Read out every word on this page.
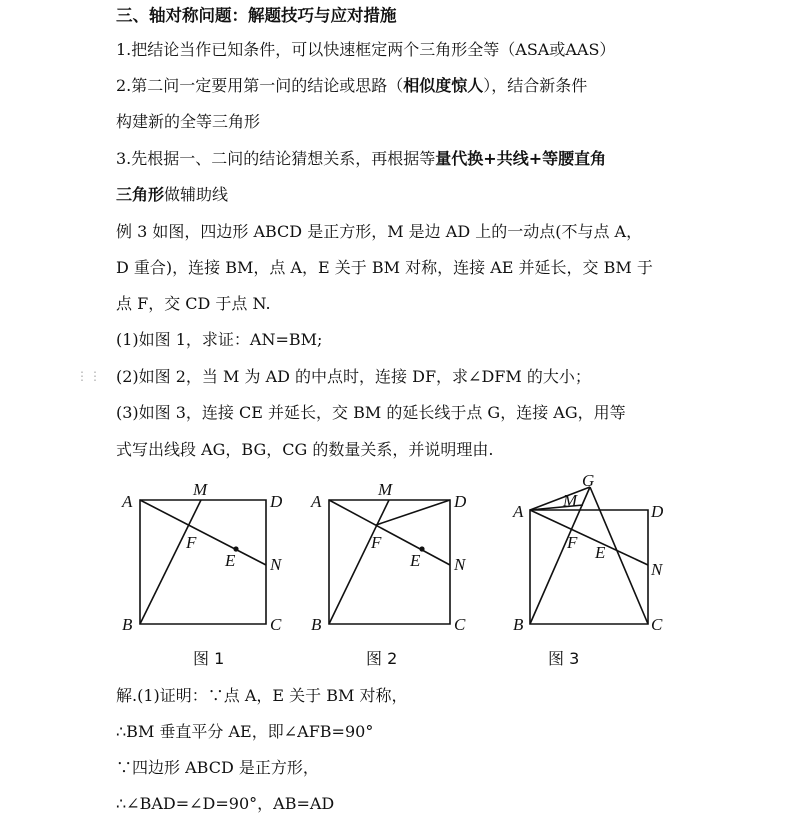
⋮⋮
三、轴对称问题：解题技巧与应对措施
1.把结论当作已知条件，可以快速框定两个三角形全等（ASA或AAS）
2.第二问一定要用第一问的结论或思路（相似度惊人），结合新条件
构建新的全等三角形
3.先根据一、二问的结论猜想关系，再根据等量代换+共线+等腰直角
三角形做辅助线
例 3 如图，四边形 ABCD 是正方形，M 是边 AD 上的一动点(不与点 A，
D 重合)，连接 BM，点 A，E 关于 BM 对称，连接 AE 并延长，交 BM 于
点 F，交 CD 于点 N.
(1)如图 1，求证：AN=BM;
(2)如图 2，当 M 为 AD 的中点时，连接 DF，求∠DFM 的大小；
(3)如图 3，连接 CE 并延长，交 BM 的延长线于点 G，连接 AG，用等
式写出线段 AG，BG，CG 的数量关系，并说明理由.
解.(1)证明：∵点 A，E 关于 BM 对称，
∴BM 垂直平分 AE，即∠AFB=90°
∵四边形 ABCD 是正方形，
∴∠BAD=∠D=90°，AB=AD
A
M
D
F
E N
B	C
图 1
A
M
D
F
E N
B	C
图 2
A
G
M
D
F
E
N
B	C
图 3
